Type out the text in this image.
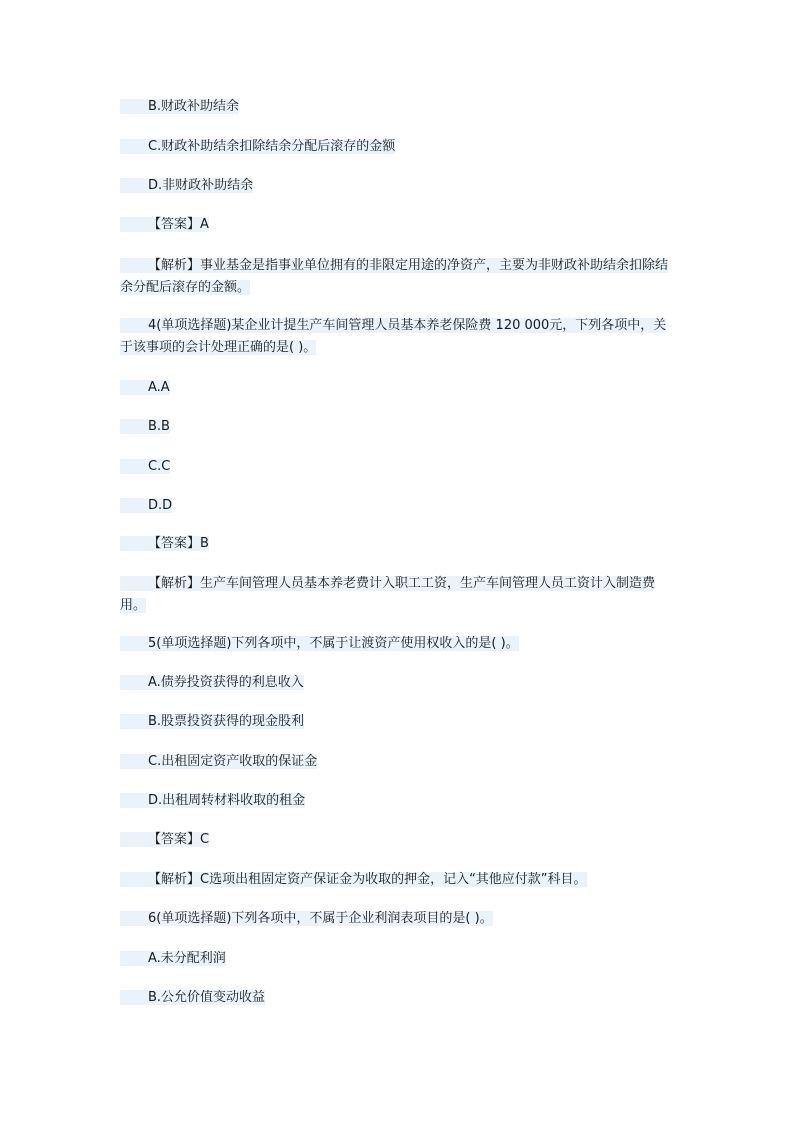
B.财政补助结余
C.财政补助结余扣除结余分配后滚存的金额
D.非财政补助结余
【答案】A
【解析】事业基金是指事业单位拥有的非限定用途的净资产，主要为非财政补助结余扣除结余分配后滚存的金额。
4(单项选择题)某企业计提生产车间管理人员基本养老保险费 120 000元，下列各项中，关于该事项的会计处理正确的是( )。
A.A
B.B
C.C
D.D
【答案】B
【解析】生产车间管理人员基本养老费计入职工工资，生产车间管理人员工资计入制造费用。
5(单项选择题)下列各项中，不属于让渡资产使用权收入的是( )。
A.债券投资获得的利息收入
B.股票投资获得的现金股利
C.出租固定资产收取的保证金
D.出租周转材料收取的租金
【答案】C
【解析】C选项出租固定资产保证金为收取的押金，记入“其他应付款”科目。
6(单项选择题)下列各项中，不属于企业利润表项目的是( )。
A.未分配利润
B.公允价值变动收益
